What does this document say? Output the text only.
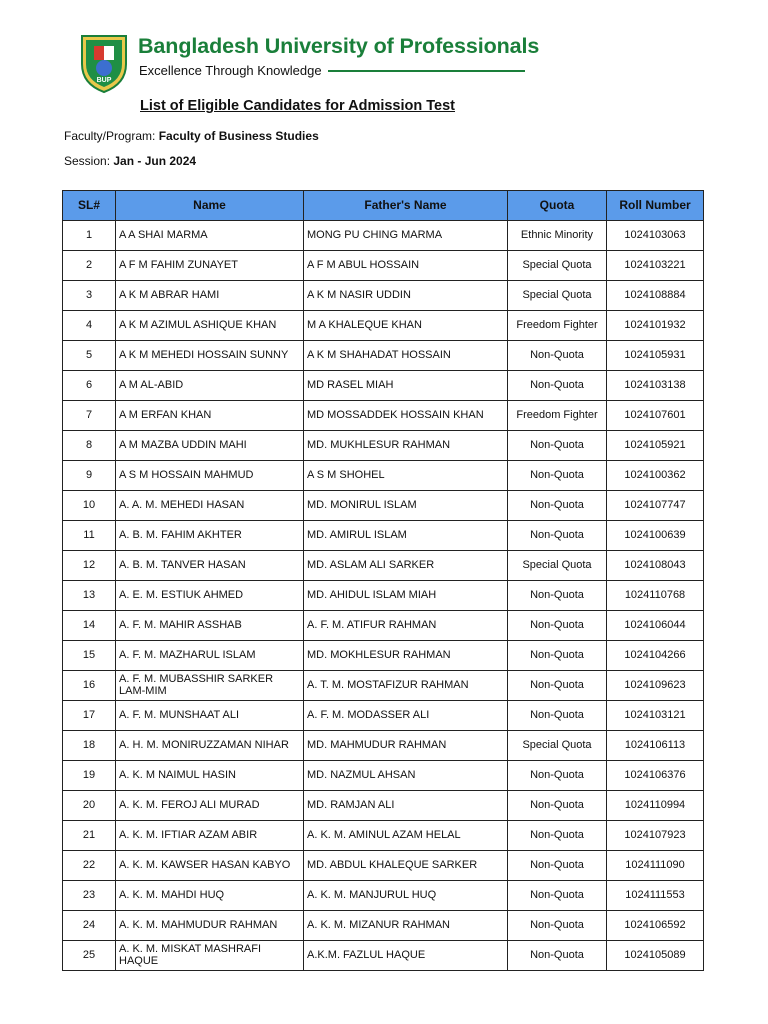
BUP
Bangladesh University of Professionals
Excellence Through Knowledge
List of Eligible Candidates for Admission Test
Faculty/Program: Faculty of Business Studies
Session: Jan - Jun 2024
SL#	Name	Father's Name	Quota	Roll Number
1	A A SHAI MARMA	MONG PU CHING MARMA	Ethnic Minority	1024103063
2	A F M FAHIM ZUNAYET	A F M ABUL HOSSAIN	Special Quota	1024103221
3	A K M ABRAR HAMI	A K M NASIR UDDIN	Special Quota	1024108884
4	A K M AZIMUL ASHIQUE KHAN	M A KHALEQUE KHAN	Freedom Fighter	1024101932
5	A K M MEHEDI HOSSAIN SUNNY	A K M SHAHADAT HOSSAIN	Non-Quota	1024105931
6	A M AL-ABID	MD RASEL MIAH	Non-Quota	1024103138
7	A M ERFAN KHAN	MD MOSSADDEK HOSSAIN KHAN	Freedom Fighter	1024107601
8	A M MAZBA UDDIN MAHI	MD. MUKHLESUR RAHMAN	Non-Quota	1024105921
9	A S M HOSSAIN MAHMUD	A S M SHOHEL	Non-Quota	1024100362
10	A. A. M. MEHEDI HASAN	MD. MONIRUL ISLAM	Non-Quota	1024107747
11	A. B. M. FAHIM AKHTER	MD. AMIRUL ISLAM	Non-Quota	1024100639
12	A. B. M. TANVER HASAN	MD. ASLAM ALI SARKER	Special Quota	1024108043
13	A. E. M. ESTIUK AHMED	MD. AHIDUL ISLAM MIAH	Non-Quota	1024110768
14	A. F. M. MAHIR ASSHAB	A. F. M. ATIFUR RAHMAN	Non-Quota	1024106044
15	A. F. M. MAZHARUL ISLAM	MD. MOKHLESUR RAHMAN	Non-Quota	1024104266
16	A. F. M. MUBASSHIR SARKER LAM-MIM	A. T. M. MOSTAFIZUR RAHMAN	Non-Quota	1024109623
17	A. F. M. MUNSHAAT ALI	A. F. M. MODASSER ALI	Non-Quota	1024103121
18	A. H. M. MONIRUZZAMAN NIHAR	MD. MAHMUDUR RAHMAN	Special Quota	1024106113
19	A. K. M NAIMUL HASIN	MD. NAZMUL AHSAN	Non-Quota	1024106376
20	A. K. M. FEROJ ALI MURAD	MD. RAMJAN ALI	Non-Quota	1024110994
21	A. K. M. IFTIAR AZAM ABIR	A. K. M. AMINUL AZAM HELAL	Non-Quota	1024107923
22	A. K. M. KAWSER HASAN KABYO	MD. ABDUL KHALEQUE SARKER	Non-Quota	1024111090
23	A. K. M. MAHDI HUQ	A. K. M. MANJURUL HUQ	Non-Quota	1024111553
24	A. K. M. MAHMUDUR RAHMAN	A. K. M. MIZANUR RAHMAN	Non-Quota	1024106592
25	A. K. M. MISKAT MASHRAFI HAQUE	A.K.M. FAZLUL HAQUE	Non-Quota	1024105089
